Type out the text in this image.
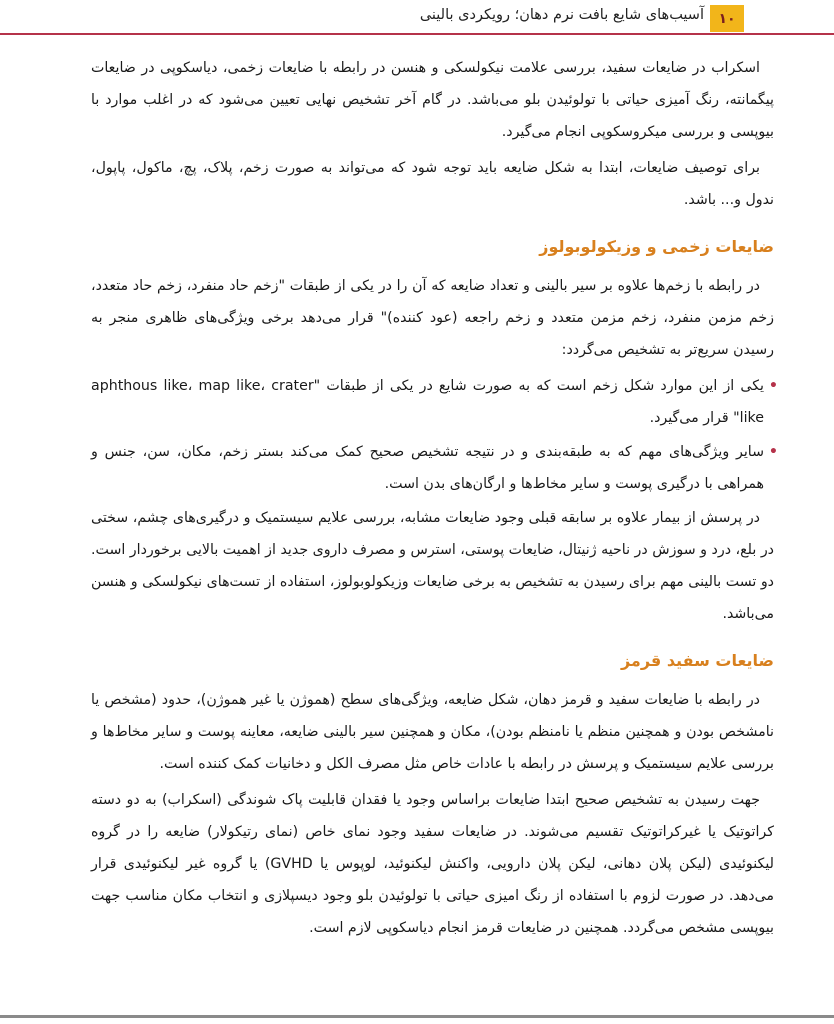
آسیب‌های شایع بافت نرم دهان؛ رویکردی بالینی	۱۰

اسکراب در ضایعات سفید، بررسی علامت نیکولسکی و هنسن در رابطه با ضایعات زخمی، دیاسکوپی در ضایعات پیگمانته، رنگ آمیزی حیاتی با تولوئیدن بلو می‌باشد. در گام آخر تشخیص نهایی تعیین می‌شود که در اغلب موارد با بیوپسی و بررسی میکروسکوپی انجام می‌گیرد.

برای توصیف ضایعات، ابتدا به شکل ضایعه باید توجه شود که می‌تواند به صورت زخم، پلاک، پچ، ماکول، پاپول، ندول و... باشد.

ضایعات زخمی و وزیکولوبولوز

در رابطه با زخم‌ها علاوه بر سیر بالینی و تعداد ضایعه که آن را در یکی از طبقات "زخم حاد منفرد، زخم حاد متعدد، زخم مزمن منفرد، زخم مزمن متعدد و زخم راجعه (عود کننده)" قرار می‌دهد برخی ویژگی‌های ظاهری منجر به رسیدن سریع‌تر به تشخیص می‌گردد:

• یکی از این موارد شکل زخم است که به صورت شایع در یکی از طبقات "aphthous like، map like، crater like" قرار می‌گیرد.
• سایر ویژگی‌های مهم که به طبقه‌بندی و در نتیجه تشخیص صحیح کمک می‌کند بستر زخم، مکان، سن، جنس و همراهی با درگیری پوست و سایر مخاط‌ها و ارگان‌های بدن است.

در پرسش از بیمار علاوه بر سابقه قبلی وجود ضایعات مشابه، بررسی علایم سیستمیک و درگیری‌های چشم، سختی در بلع، درد و سوزش در ناحیه ژنیتال، ضایعات پوستی، استرس و مصرف داروی جدید از اهمیت بالایی برخوردار است. دو تست بالینی مهم برای رسیدن به تشخیص به برخی ضایعات وزیکولوبولوز، استفاده از تست‌های نیکولسکی و هنسن می‌باشد.

ضایعات سفید قرمز

در رابطه با ضایعات سفید و قرمز دهان، شکل ضایعه، ویژگی‌های سطح (هموژن یا غیر هموژن)، حدود (مشخص یا نامشخص بودن و همچنین منظم یا نامنظم بودن)، مکان و همچنین سیر بالینی ضایعه، معاینه پوست و سایر مخاط‌ها و بررسی علایم سیستمیک و پرسش در رابطه با عادات خاص مثل مصرف الکل و دخانیات کمک کننده است.

جهت رسیدن به تشخیص صحیح ابتدا ضایعات براساس وجود یا فقدان قابلیت پاک شوندگی (اسکراب) به دو دسته کراتوتیک یا غیرکراتوتیک تقسیم می‌شوند. در ضایعات سفید وجود نمای خاص (نمای رتیکولار) ضایعه را در گروه لیکنوئیدی (لیکن پلان دهانی، لیکن پلان دارویی، واکنش لیکنوئید، لوپوس یا GVHD) یا گروه غیر لیکنوئیدی قرار می‌دهد. در صورت لزوم با استفاده از رنگ امیزی حیاتی با تولوئیدن بلو وجود دیسپلازی و انتخاب مکان مناسب جهت بیوپسی مشخص می‌گردد. همچنین در ضایعات قرمز انجام دیاسکوپی لازم است.
